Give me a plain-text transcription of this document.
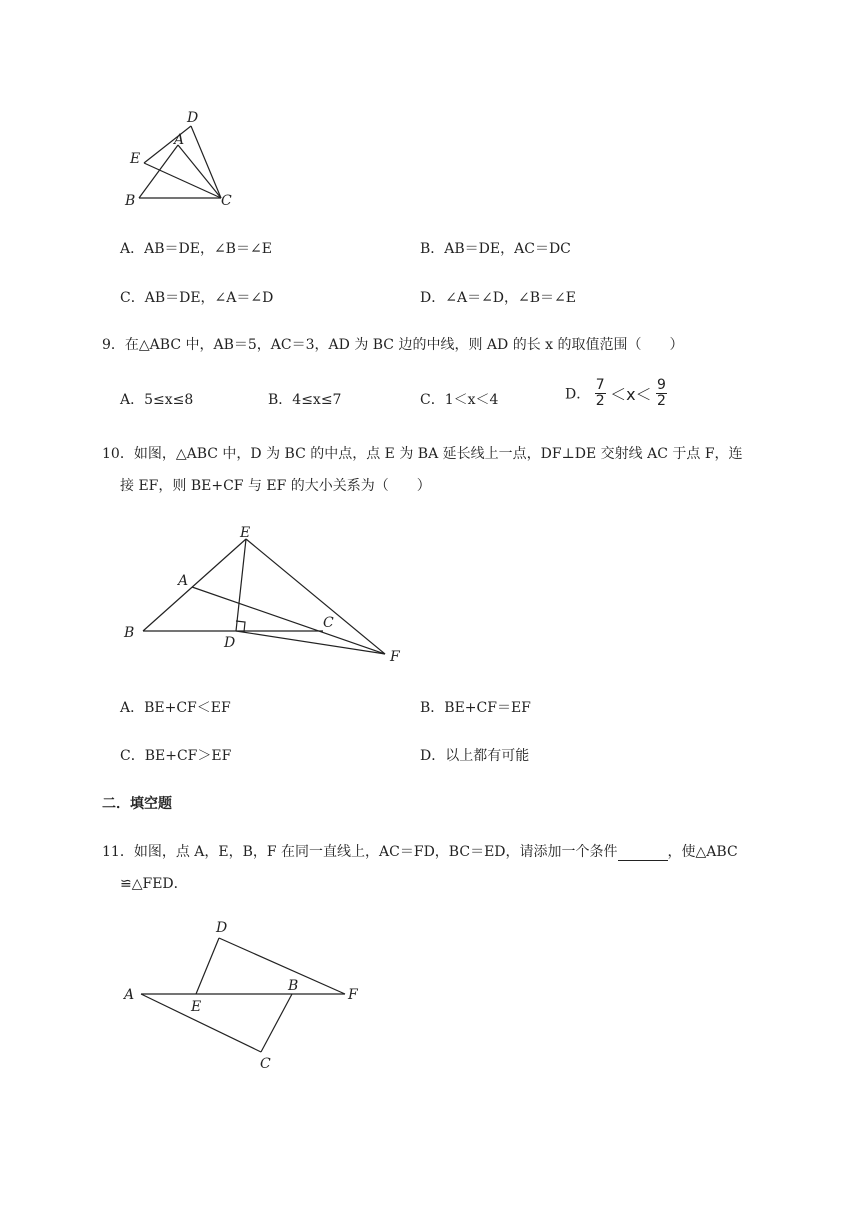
D
A
E
B	C
A．AB＝DE，∠B＝∠E	B．AB＝DE，AC＝DC
C．AB＝DE，∠A＝∠D	D．∠A＝∠D，∠B＝∠E
9．在△ABC 中，AB＝5，AC＝3，AD 为 BC 边的中线，则 AD 的长 x 的取值范围（　　）
A．5≤x≤8	B．4≤x≤7	C．1＜x＜4	D． $\frac{7}{2} <x< \frac{9}{2}$
10．如图，△ABC 中，D 为 BC 的中点，点 E 为 BA 延长线上一点，DF⊥DE 交射线 AC 于点 F，连
接 EF，则 BE+CF 与 EF 的大小关系为（　　）
E
A
B
C
D
F
A．BE+CF＜EF	B．BE+CF＝EF
C．BE+CF＞EF	D．以上都有可能
二．填空题
11．如图，点 A，E，B，F 在同一直线上，AC＝FD，BC＝ED，请添加一个条件	，使△ABC
≌△FED．
D
A
E
B
F
C
